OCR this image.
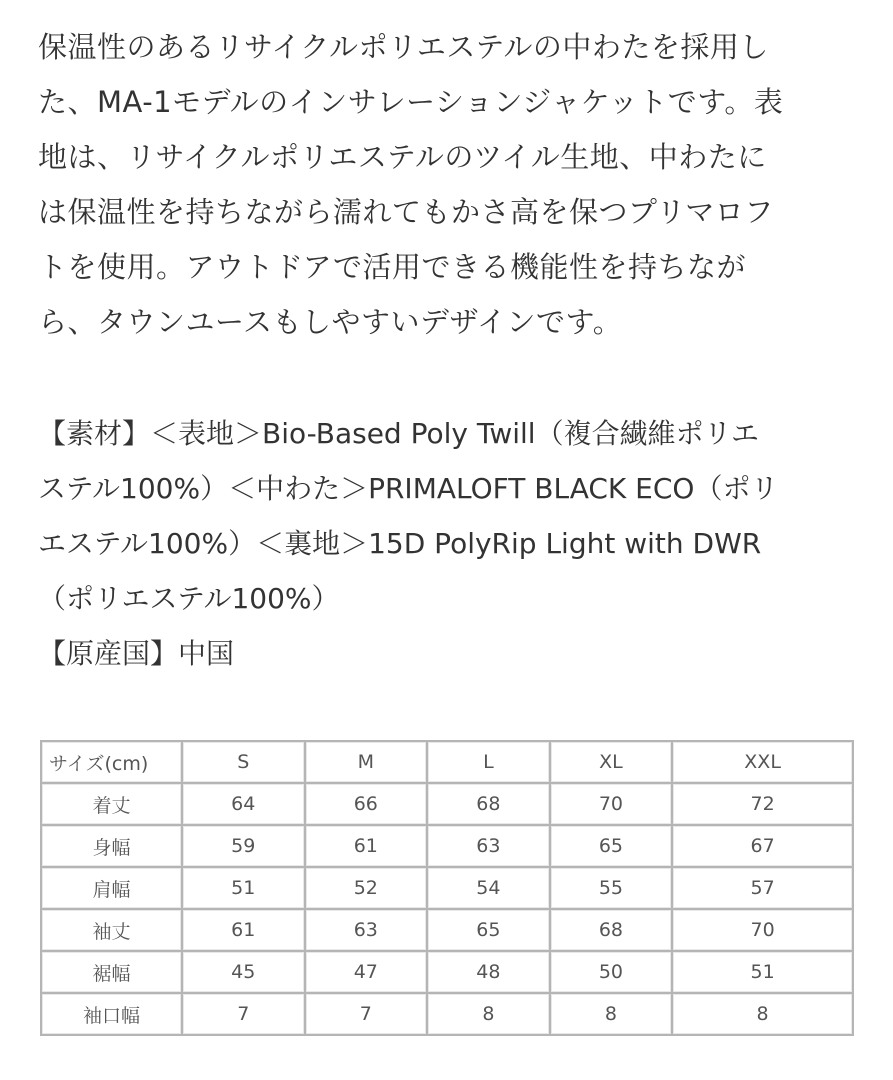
保温性のあるリサイクルポリエステルの中わたを採用し
た、MA-1モデルのインサレーションジャケットです。表
地は、リサイクルポリエステルのツイル生地、中わたに
は保温性を持ちながら濡れてもかさ高を保つプリマロフ
トを使用。アウトドアで活用できる機能性を持ちなが
ら、タウンユースもしやすいデザインです。
【素材】＜表地＞Bio-Based Poly Twill（複合繊維ポリエ
ステル100%）＜中わた＞PRIMALOFT BLACK ECO（ポリ
エステル100%）＜裏地＞15D PolyRip Light with DWR
（ポリエステル100%）
【原産国】中国
サイズ(cm)	S	M	L	XL	XXL
着丈	64	66	68	70	72
身幅	59	61	63	65	67
肩幅	51	52	54	55	57
袖丈	61	63	65	68	70
裾幅	45	47	48	50	51
袖口幅	7	7	8	8	8
